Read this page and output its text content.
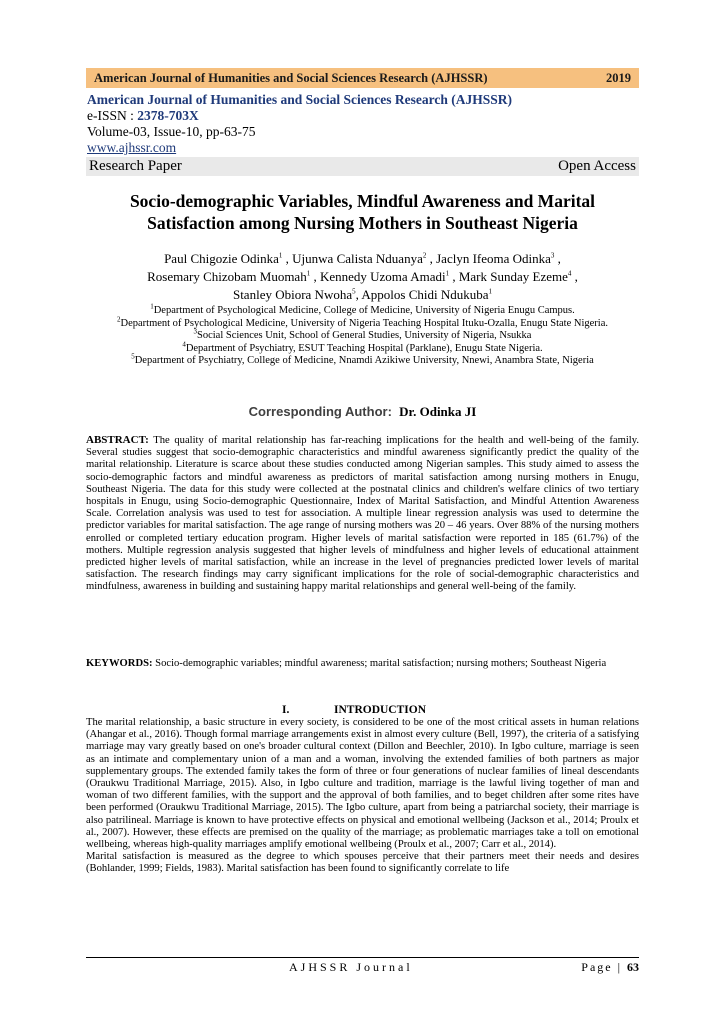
American Journal of Humanities and Social Sciences Research (AJHSSR)	2019
American Journal of Humanities and Social Sciences Research (AJHSSR)
e-ISSN : 2378-703X
Volume-03, Issue-10, pp-63-75
www.ajhssr.com
Research Paper	Open Access
Socio-demographic Variables, Mindful Awareness and Marital
Satisfaction among Nursing Mothers in Southeast Nigeria
Paul Chigozie Odinka$^1$ , Ujunwa Calista Nduanya$^2$ , Jaclyn Ifeoma Odinka$^3$ ,
Rosemary Chizobam Muomah$^1$ , Kennedy Uzoma Amadi$^1$ , Mark Sunday Ezeme$^4$ ,
Stanley Obiora Nwoha$^5$, Appolos Chidi Ndukuba$^1$
$^1$Department of Psychological Medicine, College of Medicine, University of Nigeria Enugu Campus.
$^2$Department of Psychological Medicine, University of Nigeria Teaching Hospital Ituku-Ozalla, Enugu State Nigeria.
$^3$Social Sciences Unit, School of General Studies, University of Nigeria, Nsukka
$^4$Department of Psychiatry, ESUT Teaching Hospital (Parklane), Enugu State Nigeria.
$^5$Department of Psychiatry, College of Medicine, Nnamdi Azikiwe University, Nnewi, Anambra State, Nigeria
Corresponding Author: Dr. Odinka JI
ABSTRACT: The quality of marital relationship has far-reaching implications for the health and well-being of the family. Several studies suggest that socio-demographic characteristics and mindful awareness significantly predict the quality of the marital relationship. Literature is scarce about these studies conducted among Nigerian samples. This study aimed to assess the socio-demographic factors and mindful awareness as predictors of marital satisfaction among nursing mothers in Enugu, Southeast Nigeria. The data for this study were collected at the postnatal clinics and children's welfare clinics of two tertiary hospitals in Enugu, using Socio-demographic Questionnaire, Index of Marital Satisfaction, and Mindful Attention Awareness Scale. Correlation analysis was used to test for association. A multiple linear regression analysis was used to determine the predictor variables for marital satisfaction. The age range of nursing mothers was 20 – 46 years. Over 88% of the nursing mothers enrolled or completed tertiary education program. Higher levels of marital satisfaction were reported in 185 (61.7%) of the mothers. Multiple regression analysis suggested that higher levels of mindfulness and higher levels of educational attainment predicted higher levels of marital satisfaction, while an increase in the level of pregnancies predicted lower levels of marital satisfaction. The research findings may carry significant implications for the role of social-demographic characteristics and mindfulness, awareness in building and sustaining happy marital relationships and general well-being of the family.
KEYWORDS: Socio-demographic variables; mindful awareness; marital satisfaction; nursing mothers; Southeast Nigeria
I.	INTRODUCTION
The marital relationship, a basic structure in every society, is considered to be one of the most critical assets in human relations (Ahangar et al., 2016). Though formal marriage arrangements exist in almost every culture (Bell, 1997), the criteria of a satisfying marriage may vary greatly based on one's broader cultural context (Dillon and Beechler, 2010). In Igbo culture, marriage is seen as an intimate and complementary union of a man and a woman, involving the extended families of both partners as major supplementary groups. The extended family takes the form of three or four generations of nuclear families of lineal descendants (Oraukwu Traditional Marriage, 2015). Also, in Igbo culture and tradition, marriage is the lawful living together of man and woman of two different families, with the support and the approval of both families, and to beget children after some rites have been performed (Oraukwu Traditional Marriage, 2015). The Igbo culture, apart from being a patriarchal society, their marriage is also patrilineal. Marriage is known to have protective effects on physical and emotional wellbeing (Jackson et al., 2014; Proulx et al., 2007). However, these effects are premised on the quality of the marriage; as problematic marriages take a toll on emotional wellbeing, whereas high-quality marriages amplify emotional wellbeing (Proulx et al., 2007; Carr et al., 2014).
Marital satisfaction is measured as the degree to which spouses perceive that their partners meet their needs and desires (Bohlander, 1999; Fields, 1983). Marital satisfaction has been found to significantly correlate to life
AJHSSR Journal	Page | 63
